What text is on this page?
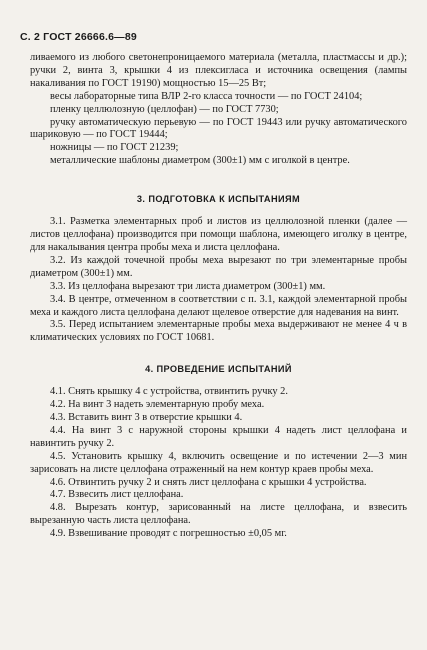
С. 2 ГОСТ 26666.6—89

ливаемого из любого светонепроницаемого материала (металла, пластмассы и др.); ручки 2, винта 3, крышки 4 из плексигласа и источника освещения (лампы накаливания по ГОСТ 19190) мощностью 15—25 Вт;

весы лабораторные типа ВЛР 2-го класса точности — по ГОСТ 24104;

пленку целлюлозную (целлофан) — по ГОСТ 7730;

ручку автоматическую перьевую — по ГОСТ 19443 или ручку автоматического шариковую — по ГОСТ 19444;

ножницы — по ГОСТ 21239;

металлические шаблоны диаметром (300±1) мм с иголкой в центре.

3. ПОДГОТОВКА К ИСПЫТАНИЯМ

3.1. Разметка элементарных проб и листов из целлюлозной пленки (далее — листов целлофана) производится при помощи шаблона, имеющего иголку в центре, для накалывания центра пробы меха и листа целлофана.

3.2. Из каждой точечной пробы меха вырезают по три элементарные пробы диаметром (300±1) мм.

3.3. Из целлофана вырезают три листа диаметром (300±1) мм.

3.4. В центре, отмеченном в соответствии с п. 3.1, каждой элементарной пробы меха и каждого листа целлофана делают щелевое отверстие для надевания на винт.

3.5. Перед испытанием элементарные пробы меха выдерживают не менее 4 ч в климатических условиях по ГОСТ 10681.

4. ПРОВЕДЕНИЕ ИСПЫТАНИЙ

4.1. Снять крышку 4 с устройства, отвинтить ручку 2.

4.2. На винт 3 надеть элементарную пробу меха.

4.3. Вставить винт 3 в отверстие крышки 4.

4.4. На винт 3 с наружной стороны крышки 4 надеть лист целлофана и навинтить ручку 2.

4.5. Установить крышку 4, включить освещение и по истечении 2—3 мин зарисовать на листе целлофана отраженный на нем контур краев пробы меха.

4.6. Отвинтить ручку 2 и снять лист целлофана с крышки 4 устройства.

4.7. Взвесить лист целлофана.

4.8. Вырезать контур, зарисованный на листе целлофана, и взвесить вырезанную часть листа целлофана.

4.9. Взвешивание проводят с погрешностью ±0,05 мг.
